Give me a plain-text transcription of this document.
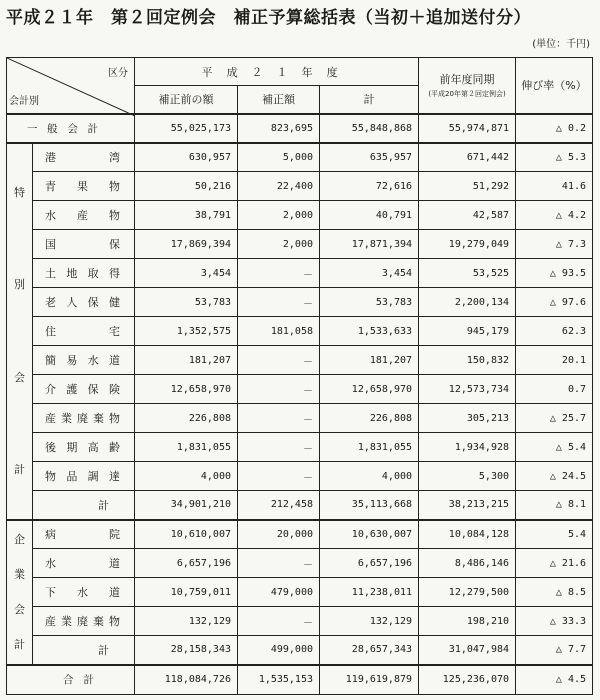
平成２１年　第２回定例会　補正予算総括表（当初＋追加送付分）
(単位：千円)
区分
会計別		平成２１年度			前年度同期
(平成20年第２回定例会)	伸び率（%）
		補正前の額	補正額	計		
一般会計		55,025,173	823,695	55,848,868	55,974,871	△ 0.2

特
別
会
計	港湾	630,957	5,000	635,957	671,442	△ 5.3
	青果物	50,216	22,400	72,616	51,292	41.6
	水産物	38,791	2,000	40,791	42,587	△ 4.2
	国保	17,869,394	2,000	17,871,394	19,279,049	△ 7.3
	土地取得	3,454	－	3,454	53,525	△ 93.5
	老人保健	53,783	－	53,783	2,200,134	△ 97.6
	住宅	1,352,575	181,058	1,533,633	945,179	62.3
	簡易水道	181,207	－	181,207	150,832	20.1
	介護保険	12,658,970	－	12,658,970	12,573,734	0.7
	産業廃棄物	226,808	－	226,808	305,213	△ 25.7
	後期高齢	1,831,055	－	1,831,055	1,934,928	△ 5.4
	物品調達	4,000	－	4,000	5,300	△ 24.5
	計	34,901,210	212,458	35,113,668	38,213,215	△ 8.1

企
業
会
計	病院	10,610,007	20,000	10,630,007	10,084,128	5.4
	水道	6,657,196	－	6,657,196	8,486,146	△ 21.6
	下水道	10,759,011	479,000	11,238,011	12,279,500	△ 8.5
	産業廃棄物	132,129	－	132,129	198,210	△ 33.3
	計	28,158,343	499,000	28,657,343	31,047,984	△ 7.7
合計		118,084,726	1,535,153	119,619,879	125,236,070	△ 4.5
